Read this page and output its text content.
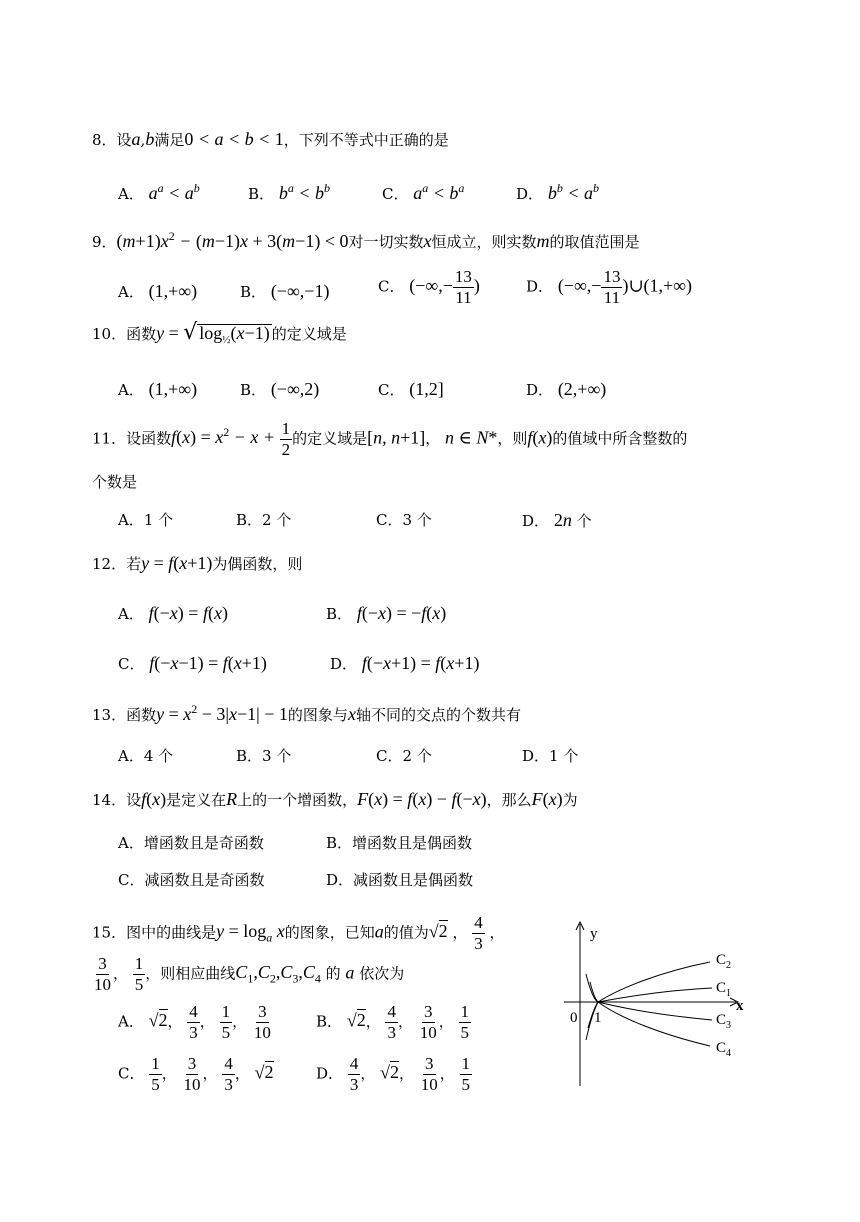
8．设a,b满足0 < a < b < 1，下列不等式中正确的是
A． $a^a < a^b$	B． $b^a < b^b$	C． $a^a < b^a$	D． $b^b < a^b$
9．$(m+1)x^2 - (m-1)x + 3(m-1) < 0$对一切实数x恒成立，则实数m的取值范围是
A． (1,+∞)	B． (−∞,−1)	C． (−∞,− $\frac{13}{11}$ )	D． (−∞,− $\frac{13}{11}$ )∪(1,+∞)
10．函数y = √ $\log_{\frac{1}{2}}(x-1)$ 的定义域是
A． (1,+∞)	B． (−∞,2)	C． (1,2]	D． (2,+∞)
11．设函数$f(x) = x^2 - x + \frac{1}{2}$ 的定义域是[n, n+1]， n ∈ N*，则f(x)的值域中所含整数的
个数是
A．1 个	B．2 个	C．3 个	D． 2n 个
12．若y = f(x+1)为偶函数，则
A． f(−x) = f(x)	B． f(−x) = −f(x)
C． f(−x−1) = f(x+1)	D． f(−x+1) = f(x+1)
13．函数$y = x^2 - 3|x-1| - 1$的图象与x轴不同的交点的个数共有
A．4 个	B．3 个	C．2 个	D．1 个
14．设f(x)是定义在R上的一个增函数，F(x) = f(x) − f(−x)，那么F(x)为
A．增函数且是奇函数	B．增函数且是偶函数
C．减函数且是奇函数	D．减函数且是偶函数
15．图中的曲线是$y = \log_a x$的图象，已知a的值为√2 ， $\frac{4}{3}$ ，
$\frac{3}{10}$ ， $\frac{1}{5}$ ，则相应曲线$C_1,C_2,C_3,C_4$ 的 a 依次为
A． √2， $\frac{4}{3}$ ， $\frac{1}{5}$ ， $\frac{3}{10}$	B． √2， $\frac{4}{3}$ ， $\frac{3}{10}$ ， $\frac{1}{5}$
C． $\frac{1}{5}$ ， $\frac{3}{10}$ ， $\frac{4}{3}$ ， √2	D． $\frac{4}{3}$ ， √2， $\frac{3}{10}$ ， $\frac{1}{5}$
y
x
0 1
$C_2$
$C_1$
$C_3$
$C_4$
